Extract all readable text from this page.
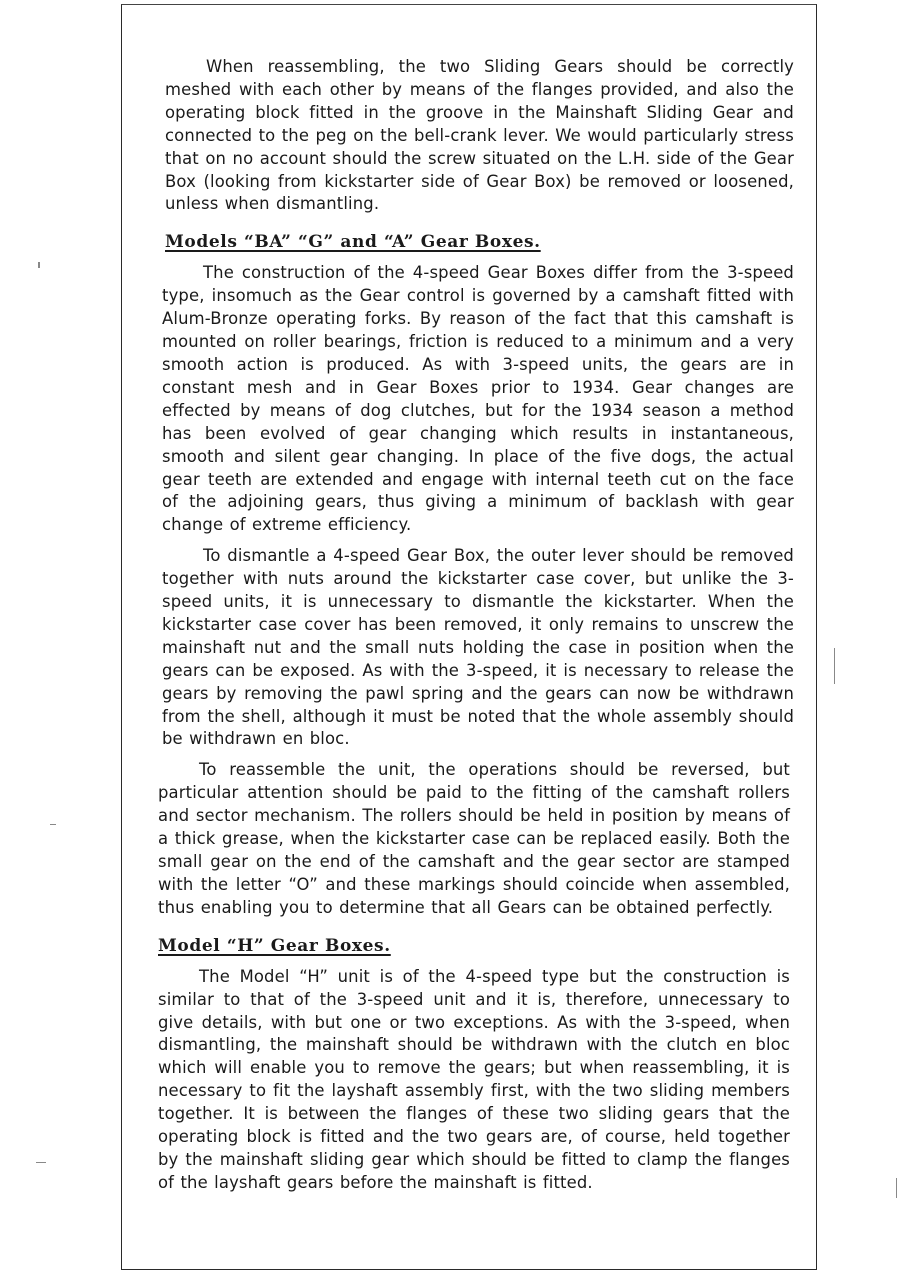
When reassembling, the two Sliding Gears should be correctly meshed with each other by means of the flanges provided, and also the operating block fitted in the groove in the Mainshaft Sliding Gear and connected to the peg on the bell-crank lever. We would particularly stress that on no account should the screw situated on the L.H. side of the Gear Box (looking from kickstarter side of Gear Box) be removed or loosened, unless when dismantling.

Models “BA” “G” and “A” Gear Boxes.

The construction of the 4-speed Gear Boxes differ from the 3-speed type, insomuch as the Gear control is governed by a camshaft fitted with Alum-Bronze operating forks. By reason of the fact that this camshaft is mounted on roller bearings, friction is reduced to a minimum and a very smooth action is produced. As with 3-speed units, the gears are in constant mesh and in Gear Boxes prior to 1934. Gear changes are effected by means of dog clutches, but for the 1934 season a method has been evolved of gear changing which results in instantaneous, smooth and silent gear changing. In place of the five dogs, the actual gear teeth are extended and engage with internal teeth cut on the face of the adjoining gears, thus giving a minimum of backlash with gear change of extreme efficiency.

To dismantle a 4-speed Gear Box, the outer lever should be removed together with nuts around the kickstarter case cover, but unlike the 3-speed units, it is unnecessary to dismantle the kickstarter. When the kickstarter case cover has been removed, it only remains to unscrew the mainshaft nut and the small nuts holding the case in position when the gears can be exposed. As with the 3-speed, it is necessary to release the gears by removing the pawl spring and the gears can now be withdrawn from the shell, although it must be noted that the whole assembly should be withdrawn en bloc.

To reassemble the unit, the operations should be reversed, but particular attention should be paid to the fitting of the camshaft rollers and sector mechanism. The rollers should be held in position by means of a thick grease, when the kickstarter case can be replaced easily. Both the small gear on the end of the camshaft and the gear sector are stamped with the letter “O” and these markings should coincide when assembled, thus enabling you to determine that all Gears can be obtained perfectly.

Model “H” Gear Boxes.

The Model “H” unit is of the 4-speed type but the construction is similar to that of the 3-speed unit and it is, therefore, unnecessary to give details, with but one or two exceptions. As with the 3-speed, when dismantling, the mainshaft should be withdrawn with the clutch en bloc which will enable you to remove the gears; but when reassembling, it is necessary to fit the layshaft assembly first, with the two sliding members together. It is between the flanges of these two sliding gears that the operating block is fitted and the two gears are, of course, held together by the mainshaft sliding gear which should be fitted to clamp the flanges of the layshaft gears before the mainshaft is fitted.
